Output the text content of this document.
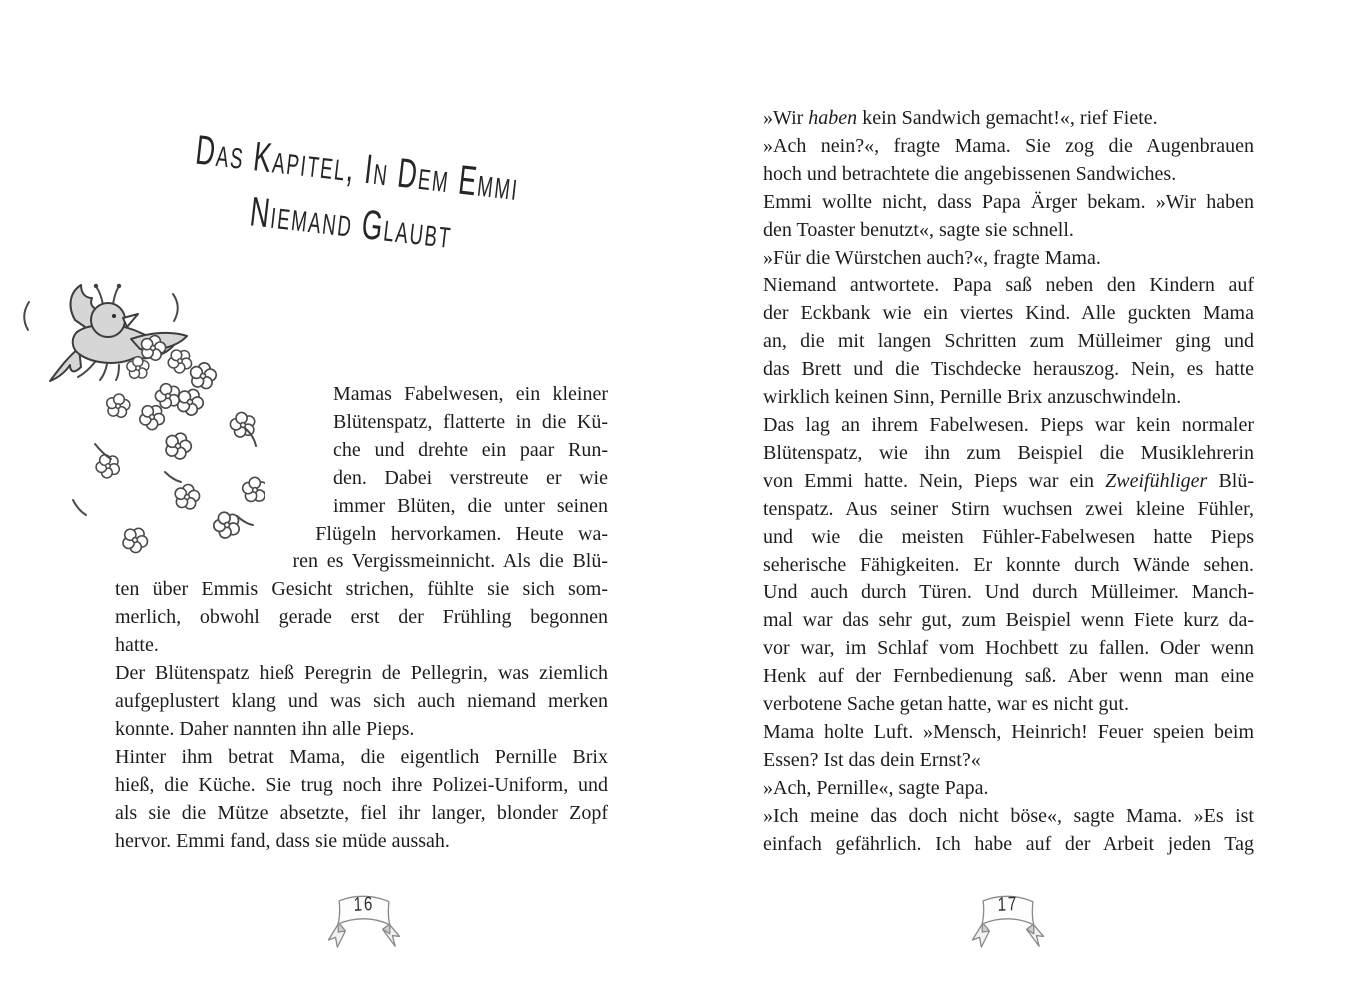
Das Kapitel, In Dem Emmi
Niemand Glaubt
Mamas Fabelwesen, ein kleiner
Blütenspatz, flatterte in die Kü-
che und drehte ein paar Run-
den. Dabei verstreute er wie
immer Blüten, die unter seinen
Flügeln hervorkamen. Heute wa-
ren es Vergissmeinnicht. Als die Blü-
ten über Emmis Gesicht strichen, fühlte sie sich som-
merlich, obwohl gerade erst der Frühling begonnen
hatte.
Der Blütenspatz hieß Peregrin de Pellegrin, was ziemlich
aufgeplustert klang und was sich auch niemand merken
konnte. Daher nannten ihn alle Pieps.
Hinter ihm betrat Mama, die eigentlich Pernille Brix
hieß, die Küche. Sie trug noch ihre Polizei-Uniform, und
als sie die Mütze absetzte, fiel ihr langer, blonder Zopf
hervor. Emmi fand, dass sie müde aussah.
16
»Wir haben kein Sandwich gemacht!«, rief Fiete.
»Ach nein?«, fragte Mama. Sie zog die Augenbrauen
hoch und betrachtete die angebissenen Sandwiches.
Emmi wollte nicht, dass Papa Ärger bekam. »Wir haben
den Toaster benutzt«, sagte sie schnell.
»Für die Würstchen auch?«, fragte Mama.
Niemand antwortete. Papa saß neben den Kindern auf
der Eckbank wie ein viertes Kind. Alle guckten Mama
an, die mit langen Schritten zum Mülleimer ging und
das Brett und die Tischdecke herauszog. Nein, es hatte
wirklich keinen Sinn, Pernille Brix anzuschwindeln.
Das lag an ihrem Fabelwesen. Pieps war kein normaler
Blütenspatz, wie ihn zum Beispiel die Musiklehrerin
von Emmi hatte. Nein, Pieps war ein Zweifühliger Blü-
tenspatz. Aus seiner Stirn wuchsen zwei kleine Fühler,
und wie die meisten Fühler-Fabelwesen hatte Pieps
seherische Fähigkeiten. Er konnte durch Wände sehen.
Und auch durch Türen. Und durch Mülleimer. Manch-
mal war das sehr gut, zum Beispiel wenn Fiete kurz da-
vor war, im Schlaf vom Hochbett zu fallen. Oder wenn
Henk auf der Fernbedienung saß. Aber wenn man eine
verbotene Sache getan hatte, war es nicht gut.
Mama holte Luft. »Mensch, Heinrich! Feuer speien beim
Essen? Ist das dein Ernst?«
»Ach, Pernille«, sagte Papa.
»Ich meine das doch nicht böse«, sagte Mama. »Es ist
einfach gefährlich. Ich habe auf der Arbeit jeden Tag
17
